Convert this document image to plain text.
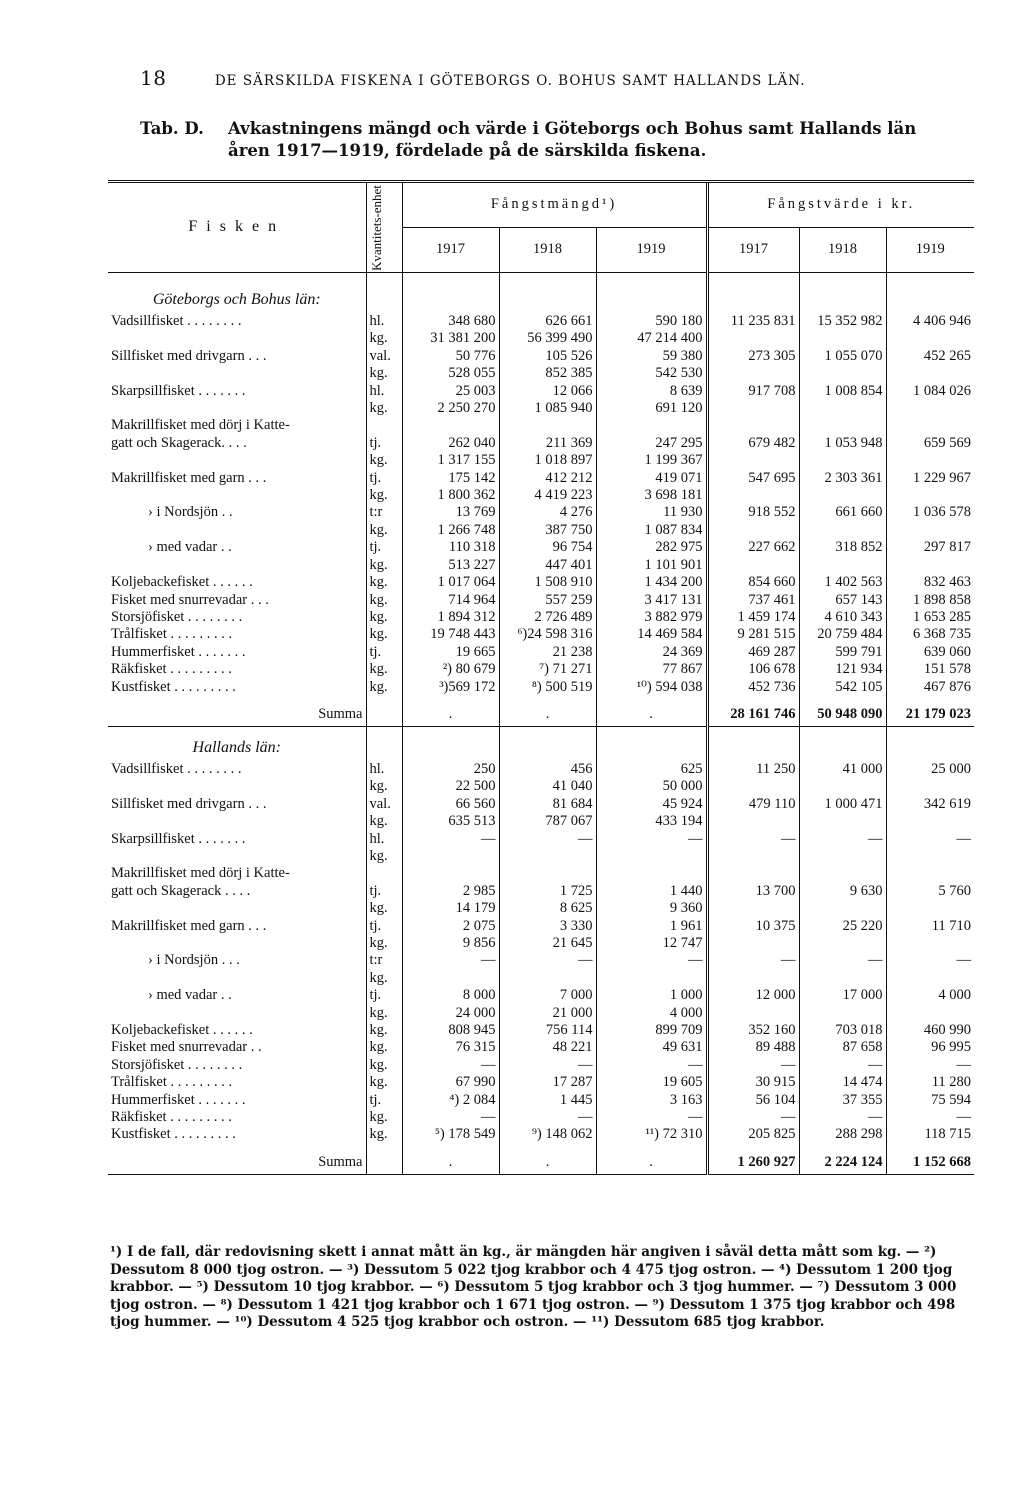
18	DE SÄRSKILDA FISKENA I GÖTEBORGS O. BOHUS SAMT HALLANDS LÄN.
Tab. D. Avkastningens mängd och värde i Göteborgs och Bohus samt Hallands län
åren 1917—1919, fördelade på de särskilda fiskena.
Fisken	Kvantitets-enhet	Fångstmängd¹)			Fångstvärde i kr.		
		1917	1918	1919	1917	1918	1919

Göteborgs och Bohus län:							
Vadsillfisket . . . . . . . .	hl.	348 680	626 661	590 180	11 235 831	15 352 982	4 406 946
	kg.	31 381 200	56 399 490	47 214 400			
Sillfisket med drivgarn . . .	val.	50 776	105 526	59 380	273 305	1 055 070	452 265
	kg.	528 055	852 385	542 530			
Skarpsillfisket . . . . . . .	hl.	25 003	12 066	8 639	917 708	1 008 854	1 084 026
	kg.	2 250 270	1 085 940	691 120			
Makrillfisket med dörj i Katte-							
gatt och Skagerack. . . .	tj.	262 040	211 369	247 295	679 482	1 053 948	659 569
	kg.	1 317 155	1 018 897	1 199 367			
Makrillfisket med garn . . .	tj.	175 142	412 212	419 071	547 695	2 303 361	1 229 967
	kg.	1 800 362	4 419 223	3 698 181			
› i Nordsjön . .	t:r	13 769	4 276	11 930	918 552	661 660	1 036 578
	kg.	1 266 748	387 750	1 087 834			
› med vadar . .	tj.	110 318	96 754	282 975	227 662	318 852	297 817
	kg.	513 227	447 401	1 101 901			
Koljebackefisket . . . . . .	kg.	1 017 064	1 508 910	1 434 200	854 660	1 402 563	832 463
Fisket med snurrevadar . . .	kg.	714 964	557 259	3 417 131	737 461	657 143	1 898 858
Storsjöfisket . . . . . . . .	kg.	1 894 312	2 726 489	3 882 979	1 459 174	4 610 343	1 653 285
Trålfisket . . . . . . . . .	kg.	19 748 443	⁶)24 598 316	14 469 584	9 281 515	20 759 484	6 368 735
Hummerfisket . . . . . . .	tj.	19 665	21 238	24 369	469 287	599 791	639 060
Räkfisket . . . . . . . . .	kg.	²) 80 679	⁷) 71 271	77 867	106 678	121 934	151 578
Kustfisket . . . . . . . . .	kg.	³)569 172	⁸) 500 519	¹⁰) 594 038	452 736	542 105	467 876

Summa		.	.	.	28 161 746	50 948 090	21 179 023

Hallands län:							
Vadsillfisket . . . . . . . .	hl.	250	456	625	11 250	41 000	25 000
	kg.	22 500	41 040	50 000			
Sillfisket med drivgarn . . .	val.	66 560	81 684	45 924	479 110	1 000 471	342 619
	kg.	635 513	787 067	433 194			
Skarpsillfisket . . . . . . .	hl.	—	—	—	—	—	—
	kg.						
Makrillfisket med dörj i Katte-							
gatt och Skagerack . . . .	tj.	2 985	1 725	1 440	13 700	9 630	5 760
	kg.	14 179	8 625	9 360			
Makrillfisket med garn . . .	tj.	2 075	3 330	1 961	10 375	25 220	11 710
	kg.	9 856	21 645	12 747			
› i Nordsjön . . .	t:r	—	—	—	—	—	—
	kg.						
› med vadar . .	tj.	8 000	7 000	1 000	12 000	17 000	4 000
	kg.	24 000	21 000	4 000			
Koljebackefisket . . . . . .	kg.	808 945	756 114	899 709	352 160	703 018	460 990
Fisket med snurrevadar . .	kg.	76 315	48 221	49 631	89 488	87 658	96 995
Storsjöfisket . . . . . . . .	kg.	—	—	—	—	—	—
Trålfisket . . . . . . . . .	kg.	67 990	17 287	19 605	30 915	14 474	11 280
Hummerfisket . . . . . . .	tj.	⁴) 2 084	1 445	3 163	56 104	37 355	75 594
Räkfisket . . . . . . . . .	kg.	—	—	—	—	—	—
Kustfisket . . . . . . . . .	kg.	⁵) 178 549	⁹) 148 062	¹¹) 72 310	205 825	288 298	118 715

Summa		.	.	.	1 260 927	2 224 124	1 152 668
¹) I de fall, där redovisning skett i annat mått än kg., är mängden här angiven i såväl detta mått som kg. — ²) Dessutom 8 000 tjog ostron. — ³) Dessutom 5 022 tjog krabbor och 4 475 tjog ostron. — ⁴) Dessutom 1 200 tjog krabbor. — ⁵) Dessutom 10 tjog krabbor. — ⁶) Dessutom 5 tjog krabbor och 3 tjog hummer. — ⁷) Dessutom 3 000 tjog ostron. — ⁸) Dessutom 1 421 tjog krabbor och 1 671 tjog ostron. — ⁹) Dessutom 1 375 tjog krabbor och 498 tjog hummer. — ¹⁰) Dessutom 4 525 tjog krabbor och ostron. — ¹¹) Dessutom 685 tjog krabbor.
